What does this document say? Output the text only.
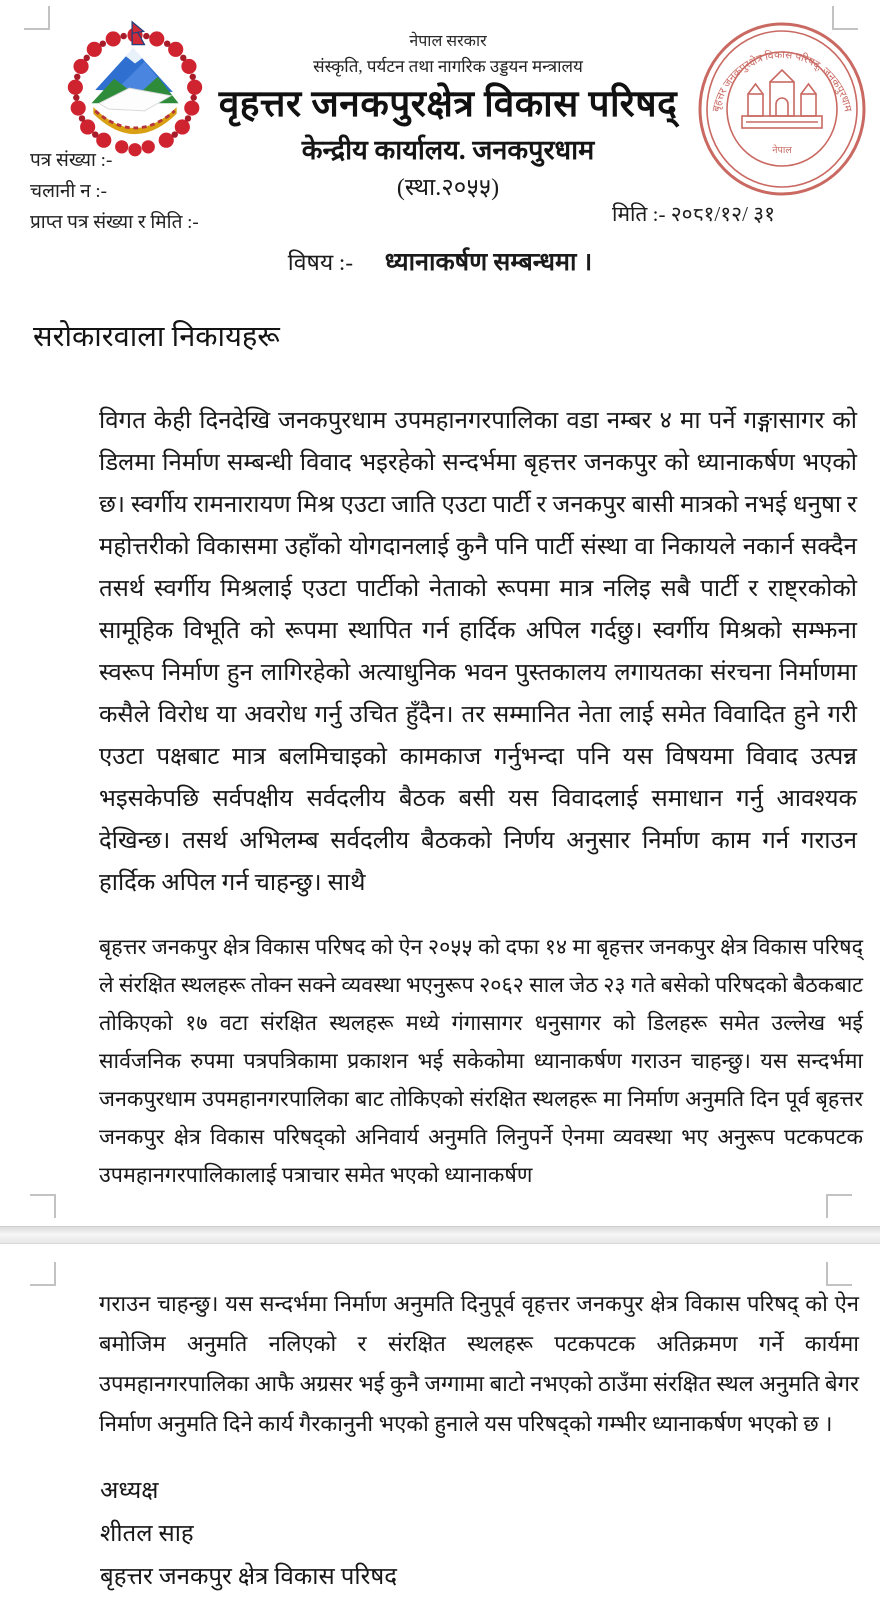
नेपाल सरकार
संस्कृति, पर्यटन तथा नागरिक उड्डयन मन्त्रालय
वृहत्तर जनकपुरक्षेत्र विकास परिषद्
केन्द्रीय कार्यालय. जनकपुरधाम
(स्था.२०५५)
बृहत्तर जनकपुरक्षेत्र विकास परिषद्, जनकपुरधाम
नेपाल
पत्र संख्या :-
चलानी न :-
प्राप्त पत्र संख्या र मिति :-	मिति :- २०८१/१२/ ३१
विषय :- ध्यानाकर्षण सम्बन्धमा ।
सरोकारवाला निकायहरू
विगत केही दिनदेखि जनकपुरधाम उपमहानगरपालिका वडा नम्बर ४ मा पर्ने गङ्गासागर को डिलमा निर्माण सम्बन्धी विवाद भइरहेको सन्दर्भमा बृहत्तर जनकपुर को ध्यानाकर्षण भएको छ। स्वर्गीय रामनारायण मिश्र एउटा जाति एउटा पार्टी र जनकपुर बासी मात्रको नभई धनुषा र महोत्तरीको विकासमा उहाँको योगदानलाई कुनै पनि पार्टी संस्था वा निकायले नकार्न सक्दैन तसर्थ स्वर्गीय मिश्रलाई एउटा पार्टीको नेताको रूपमा मात्र नलिइ सबै पार्टी र राष्ट्रकोको सामूहिक विभूति को रूपमा स्थापित गर्न हार्दिक अपिल गर्दछु। स्वर्गीय मिश्रको सम्झना स्वरूप निर्माण हुन लागिरहेको अत्याधुनिक भवन पुस्तकालय लगायतका संरचना निर्माणमा कसैले विरोध या अवरोध गर्नु उचित हुँदैन। तर सम्मानित नेता लाई समेत विवादित हुने गरी एउटा पक्षबाट मात्र बलमिचाइको कामकाज गर्नुभन्दा पनि यस विषयमा विवाद उत्पन्न भइसकेपछि सर्वपक्षीय सर्वदलीय बैठक बसी यस विवादलाई समाधान गर्नु आवश्यक देखिन्छ। तसर्थ अभिलम्ब सर्वदलीय बैठकको निर्णय अनुसार निर्माण काम गर्न गराउन हार्दिक अपिल गर्न चाहन्छु। साथै
बृहत्तर जनकपुर क्षेत्र विकास परिषद को ऐन २०५५ को दफा १४ मा बृहत्तर जनकपुर क्षेत्र विकास परिषद् ले संरक्षित स्थलहरू तोक्न सक्ने व्यवस्था भएनुरूप २०६२ साल जेठ २३ गते बसेको परिषदको बैठकबाट तोकिएको १७ वटा संरक्षित स्थलहरू मध्ये गंगासागर धनुसागर को डिलहरू समेत उल्लेख भई सार्वजनिक रुपमा पत्रपत्रिकामा प्रकाशन भई सकेकोमा ध्यानाकर्षण गराउन चाहन्छु। यस सन्दर्भमा जनकपुरधाम उपमहानगरपालिका बाट तोकिएको संरक्षित स्थलहरू मा निर्माण अनुमति दिन पूर्व बृहत्तर जनकपुर क्षेत्र विकास परिषद्को अनिवार्य अनुमति लिनुपर्ने ऐनमा व्यवस्था भए अनुरूप पटकपटक उपमहानगरपालिकालाई पत्राचार समेत भएको ध्यानाकर्षण
गराउन चाहन्छु। यस सन्दर्भमा निर्माण अनुमति दिनुपूर्व वृहत्तर जनकपुर क्षेत्र विकास परिषद् को ऐन बमोजिम अनुमति नलिएको र संरक्षित स्थलहरू पटकपटक अतिक्रमण गर्ने कार्यमा उपमहानगरपालिका आफै अग्रसर भई कुनै जग्गामा बाटो नभएको ठाउँमा संरक्षित स्थल अनुमति बेगर निर्माण अनुमति दिने कार्य गैरकानुनी भएको हुनाले यस परिषद्को गम्भीर ध्यानाकर्षण भएको छ ।
अध्यक्ष
शीतल साह
बृहत्तर जनकपुर क्षेत्र विकास परिषद
